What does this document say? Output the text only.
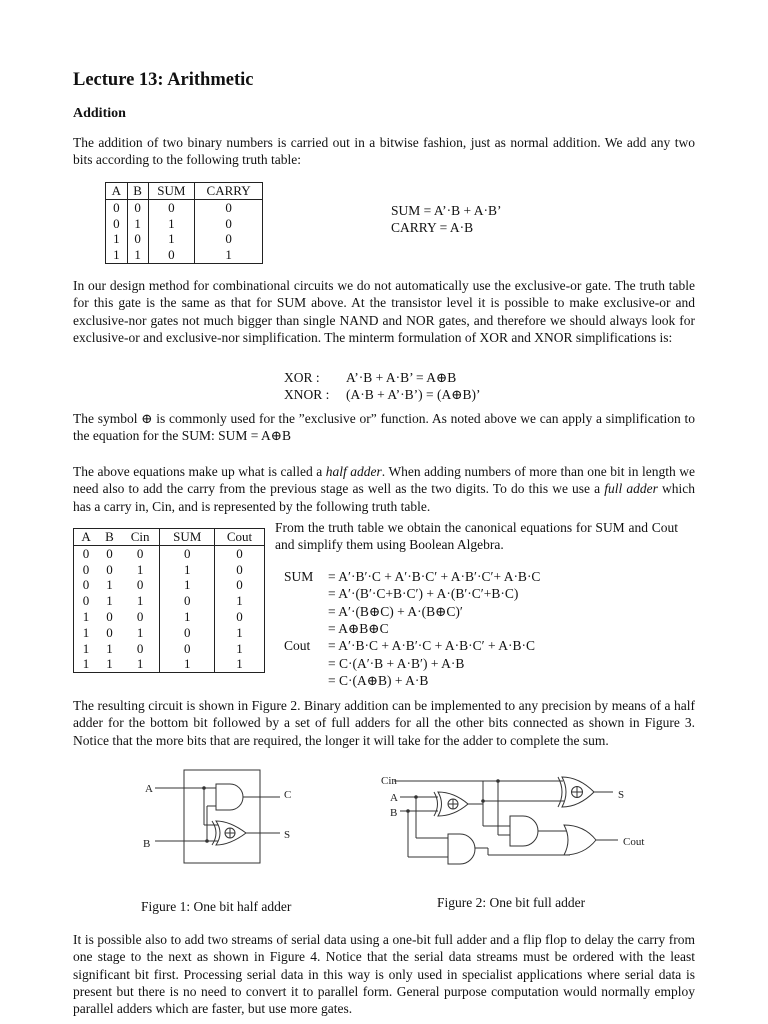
Lecture 13: Arithmetic
Addition

The addition of two binary numbers is carried out in a bitwise fashion, just as normal addition. We add any two bits according to the following truth table:

A	B	SUM	CARRY
0	0	0	0
0	1	1	0
1	0	1	0
1	1	0	1
SUM = A’·B + A·B’
CARRY = A·B

In our design method for combinational circuits we do not automatically use the exclusive-or gate. The truth table for this gate is the same as that for SUM above. At the transistor level it is possible to make exclusive-or and exclusive-nor gates not much bigger than single NAND and NOR gates, and therefore we should always look for exclusive-or and exclusive-nor simplification. The minterm formulation of XOR and XNOR simplifications is:

XOR : A’·B + A·B’ = A⊕B
XNOR : (A·B + A’·B’) = (A⊕B)’

The symbol ⊕ is commonly used for the ”exclusive or” function. As noted above we can apply a simplification to the equation for the SUM: SUM = A⊕B

The above equations make up what is called a half adder. When adding numbers of more than one bit in length we need also to add the carry from the previous stage as well as the two digits. To do this we use a full adder which has a carry in, Cin, and is represented by the following truth table.

A	B	Cin	SUM	Cout
0	0	0	0	0
0	0	1	1	0
0	1	0	1	0
0	1	1	0	1
1	0	0	1	0
1	0	1	0	1
1	1	0	0	1
1	1	1	1	1

From the truth table we obtain the canonical equations for SUM and Cout and simplify them using Boolean Algebra.

SUM = A′·B′·C + A′·B·C′ + A·B′·C′+ A·B·C
= A′·(B′·C+B·C′) + A·(B′·C′+B·C)
= A′·(B⊕C) + A·(B⊕C)′
= A⊕B⊕C
Cout = A′·B·C + A·B′·C + A·B·C′ + A·B·C
= C·(A′·B + A·B′) + A·B
= C·(A⊕B) + A·B

The resulting circuit is shown in Figure 2. Binary addition can be implemented to any precision by means of a half adder for the bottom bit followed by a set of full adders for all the other bits connected as shown in Figure 3. Notice that the more bits that are required, the longer it will take for the adder to complete the sum.

A
B
C
S
Figure 1: One bit half adder
Cin
A
B
S
Cout
Figure 2: One bit full adder

It is possible also to add two streams of serial data using a one-bit full adder and a flip flop to delay the carry from one stage to the next as shown in Figure 4. Notice that the serial data streams must be ordered with the least significant bit first. Processing serial data in this way is only used in specialist applications where serial data is present but there is no need to convert it to parallel form. General purpose computation would normally employ parallel adders which are faster, but use more gates.
